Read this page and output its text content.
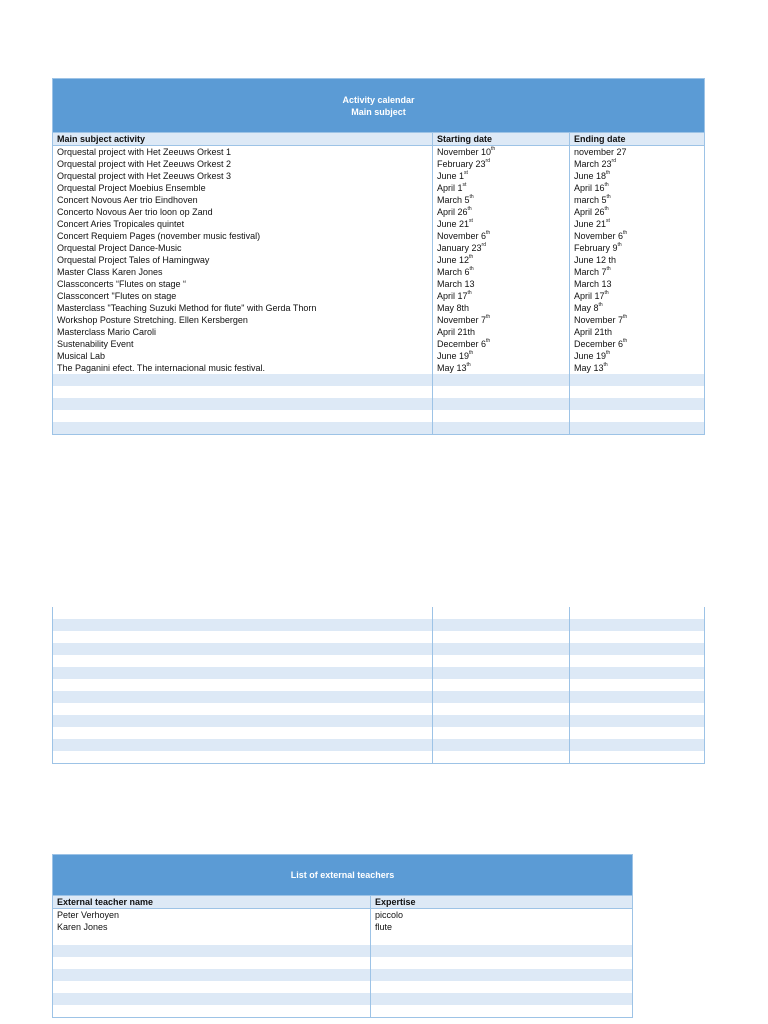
Activity calendar
Main subject		

Main subject activity	Starting date	Ending date
Orquestal project with Het Zeeuws Orkest 1	November 10th	november 27
Orquestal project with Het Zeeuws Orkest 2	February 23rd	March 23rd
Orquestal project with Het Zeeuws Orkest 3	June 1st	June 18th
Orquestal Project Moebius Ensemble	April 1st	April 16th
Concert Novous Aer trio Eindhoven	March 5th	march 5th
Concerto Novous Aer trio loon op Zand	April 26th	April 26th
Concert Aries Tropicales quintet	June 21st	June 21st
Concert Requiem Pages (november music festival)	November 6th	November 6th
Orquestal Project Dance-Music	January 23rd	February 9th
Orquestal Project Tales of Hamingway	June 12th	June 12 th
Master Class Karen Jones	March 6th	March 7th
Classconcerts “Flutes on stage “	March 13	March 13
Classconcert "Flutes on stage	April 17th	April 17th
Masterclass "Teaching Suzuki Method for flute" with Gerda Thorn	May 8th	May 8th
Workshop Posture Stretching. Ellen Kersbergen	November 7th	November 7th
Masterclass Mario Caroli	April 21th	April 21th
Sustenability Event	December 6th	December 6th
Musical Lab	June 19th	June 19th
The Paganini efect. The internacional music festival.	May 13th	May 13th

List of external teachers	

External teacher name	Expertise
Peter Verhoyen	piccolo
Karen Jones	flute
